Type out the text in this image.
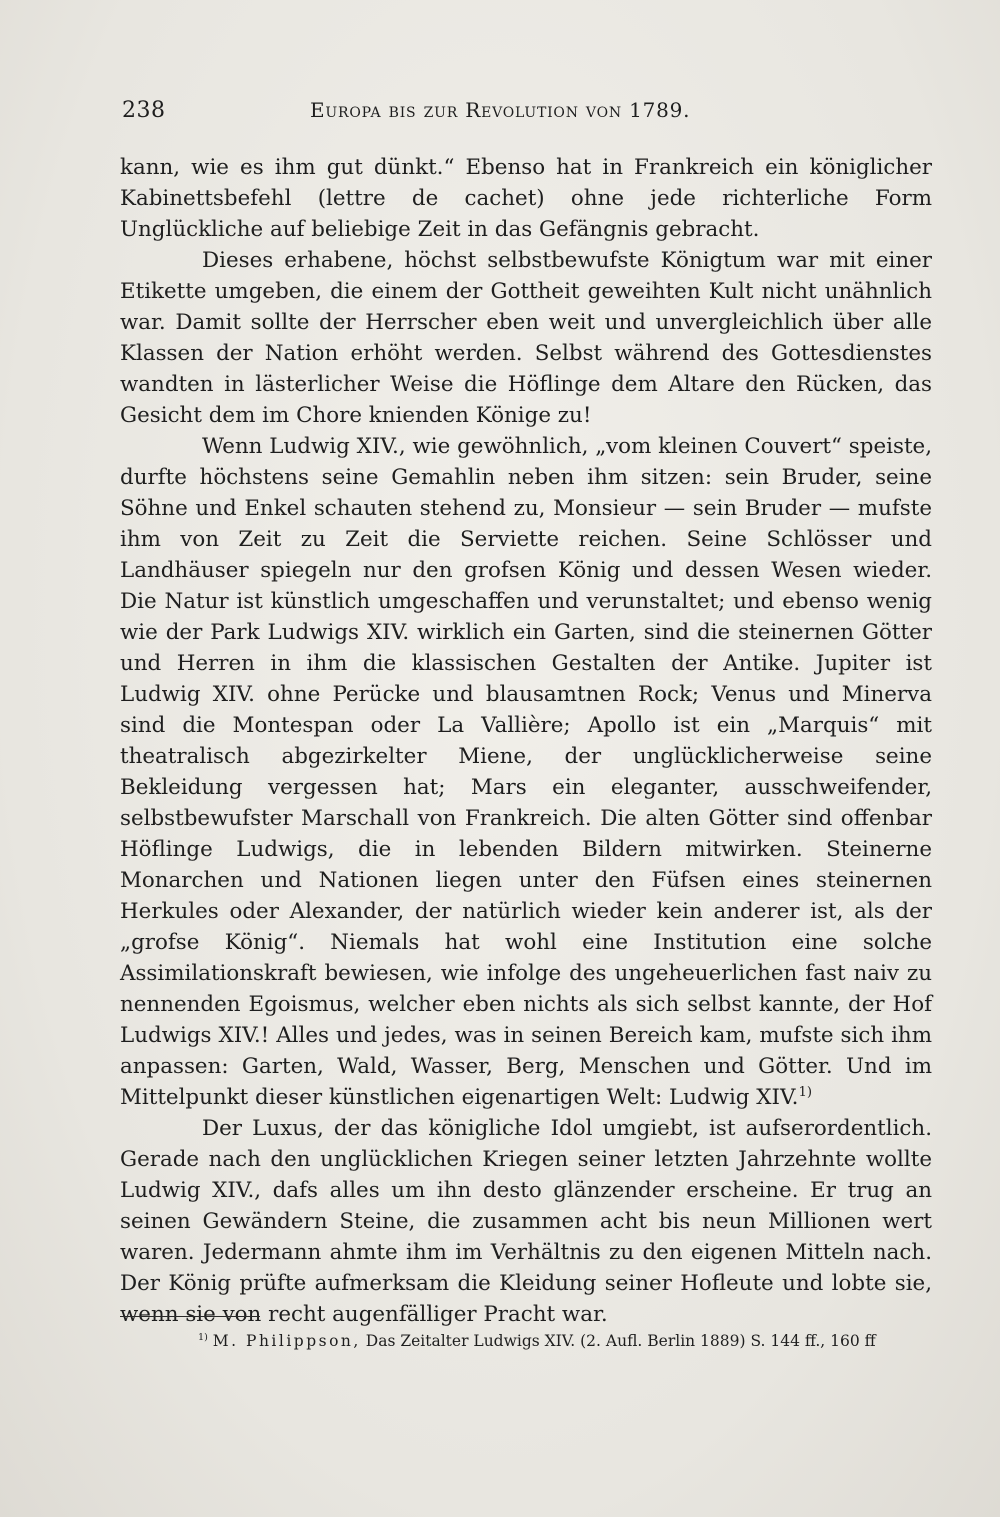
238	Europa bis zur Revolution von 1789.

kann, wie es ihm gut dünkt.“ Ebenso hat in Frankreich ein königlicher Kabinettsbefehl (lettre de cachet) ohne jede richterliche Form Unglückliche auf beliebige Zeit in das Gefängnis gebracht.

Dieses erhabene, höchst selbstbewufste Königtum war mit einer Etikette umgeben, die einem der Gottheit geweihten Kult nicht unähnlich war. Damit sollte der Herrscher eben weit und unvergleichlich über alle Klassen der Nation erhöht werden. Selbst während des Gottesdienstes wandten in lästerlicher Weise die Höflinge dem Altare den Rücken, das Gesicht dem im Chore knienden Könige zu!

Wenn Ludwig XIV., wie gewöhnlich, „vom kleinen Couvert“ speiste, durfte höchstens seine Gemahlin neben ihm sitzen: sein Bruder, seine Söhne und Enkel schauten stehend zu, Monsieur — sein Bruder — mufste ihm von Zeit zu Zeit die Serviette reichen. Seine Schlösser und Landhäuser spiegeln nur den grofsen König und dessen Wesen wieder. Die Natur ist künstlich umgeschaffen und verunstaltet; und ebenso wenig wie der Park Ludwigs XIV. wirklich ein Garten, sind die steinernen Götter und Herren in ihm die klassischen Gestalten der Antike. Jupiter ist Ludwig XIV. ohne Perücke und blausamtnen Rock; Venus und Minerva sind die Montespan oder La Vallière; Apollo ist ein „Marquis“ mit theatralisch abgezirkelter Miene, der unglücklicherweise seine Bekleidung vergessen hat; Mars ein eleganter, ausschweifender, selbstbewufster Marschall von Frankreich. Die alten Götter sind offenbar Höflinge Ludwigs, die in lebenden Bildern mitwirken. Steinerne Monarchen und Nationen liegen unter den Füfsen eines steinernen Herkules oder Alexander, der natürlich wieder kein anderer ist, als der „grofse König“. Niemals hat wohl eine Institution eine solche Assimilationskraft bewiesen, wie infolge des ungeheuerlichen fast naiv zu nennenden Egoismus, welcher eben nichts als sich selbst kannte, der Hof Ludwigs XIV.! Alles und jedes, was in seinen Bereich kam, mufste sich ihm anpassen: Garten, Wald, Wasser, Berg, Menschen und Götter. Und im Mittelpunkt dieser künstlichen eigenartigen Welt: Ludwig XIV.$^{1)}$

Der Luxus, der das königliche Idol umgiebt, ist aufserordentlich. Gerade nach den unglücklichen Kriegen seiner letzten Jahrzehnte wollte Ludwig XIV., dafs alles um ihn desto glänzender erscheine. Er trug an seinen Gewändern Steine, die zusammen acht bis neun Millionen wert waren. Jedermann ahmte ihm im Verhältnis zu den eigenen Mitteln nach. Der König prüfte aufmerksam die Kleidung seiner Hofleute und lobte sie, wenn sie von recht augenfälliger Pracht war.

$^{1)}$ M. Philippson, Das Zeitalter Ludwigs XIV. (2. Aufl. Berlin 1889) S. 144 ff., 160 ff
